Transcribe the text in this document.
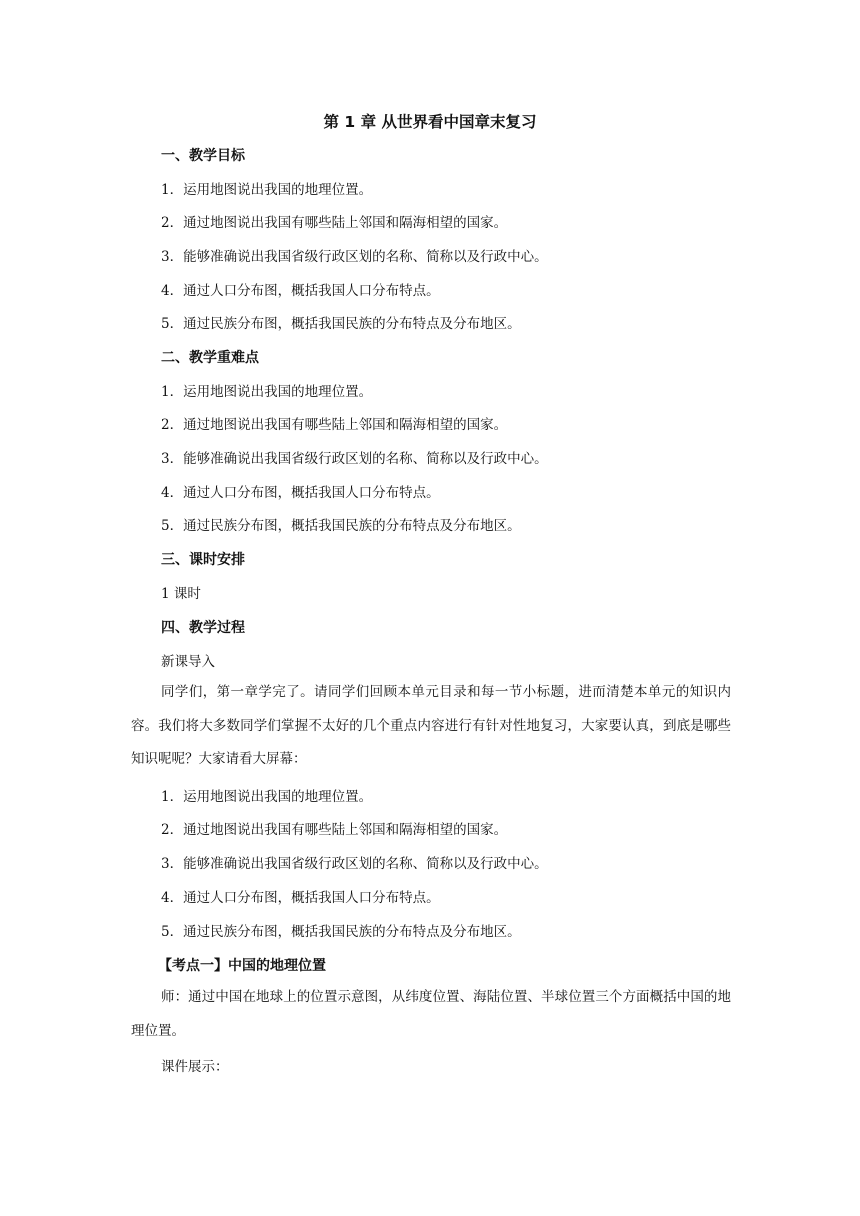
第 1 章 从世界看中国章末复习
一、教学目标
1．运用地图说出我国的地理位置。
2．通过地图说出我国有哪些陆上邻国和隔海相望的国家。
3．能够准确说出我国省级行政区划的名称、简称以及行政中心。
4．通过人口分布图，概括我国人口分布特点。
5．通过民族分布图，概括我国民族的分布特点及分布地区。
二、教学重难点
1．运用地图说出我国的地理位置。
2．通过地图说出我国有哪些陆上邻国和隔海相望的国家。
3．能够准确说出我国省级行政区划的名称、简称以及行政中心。
4．通过人口分布图，概括我国人口分布特点。
5．通过民族分布图，概括我国民族的分布特点及分布地区。
三、课时安排
1 课时
四、教学过程
新课导入
同学们，第一章学完了。请同学们回顾本单元目录和每一节小标题，进而清楚本单元的知识内容。我们将大多数同学们掌握不太好的几个重点内容进行有针对性地复习，大家要认真，到底是哪些知识呢呢？大家请看大屏幕：
1．运用地图说出我国的地理位置。
2．通过地图说出我国有哪些陆上邻国和隔海相望的国家。
3．能够准确说出我国省级行政区划的名称、简称以及行政中心。
4．通过人口分布图，概括我国人口分布特点。
5．通过民族分布图，概括我国民族的分布特点及分布地区。
【考点一】中国的地理位置
师：通过中国在地球上的位置示意图，从纬度位置、海陆位置、半球位置三个方面概括中国的地理位置。
课件展示：
